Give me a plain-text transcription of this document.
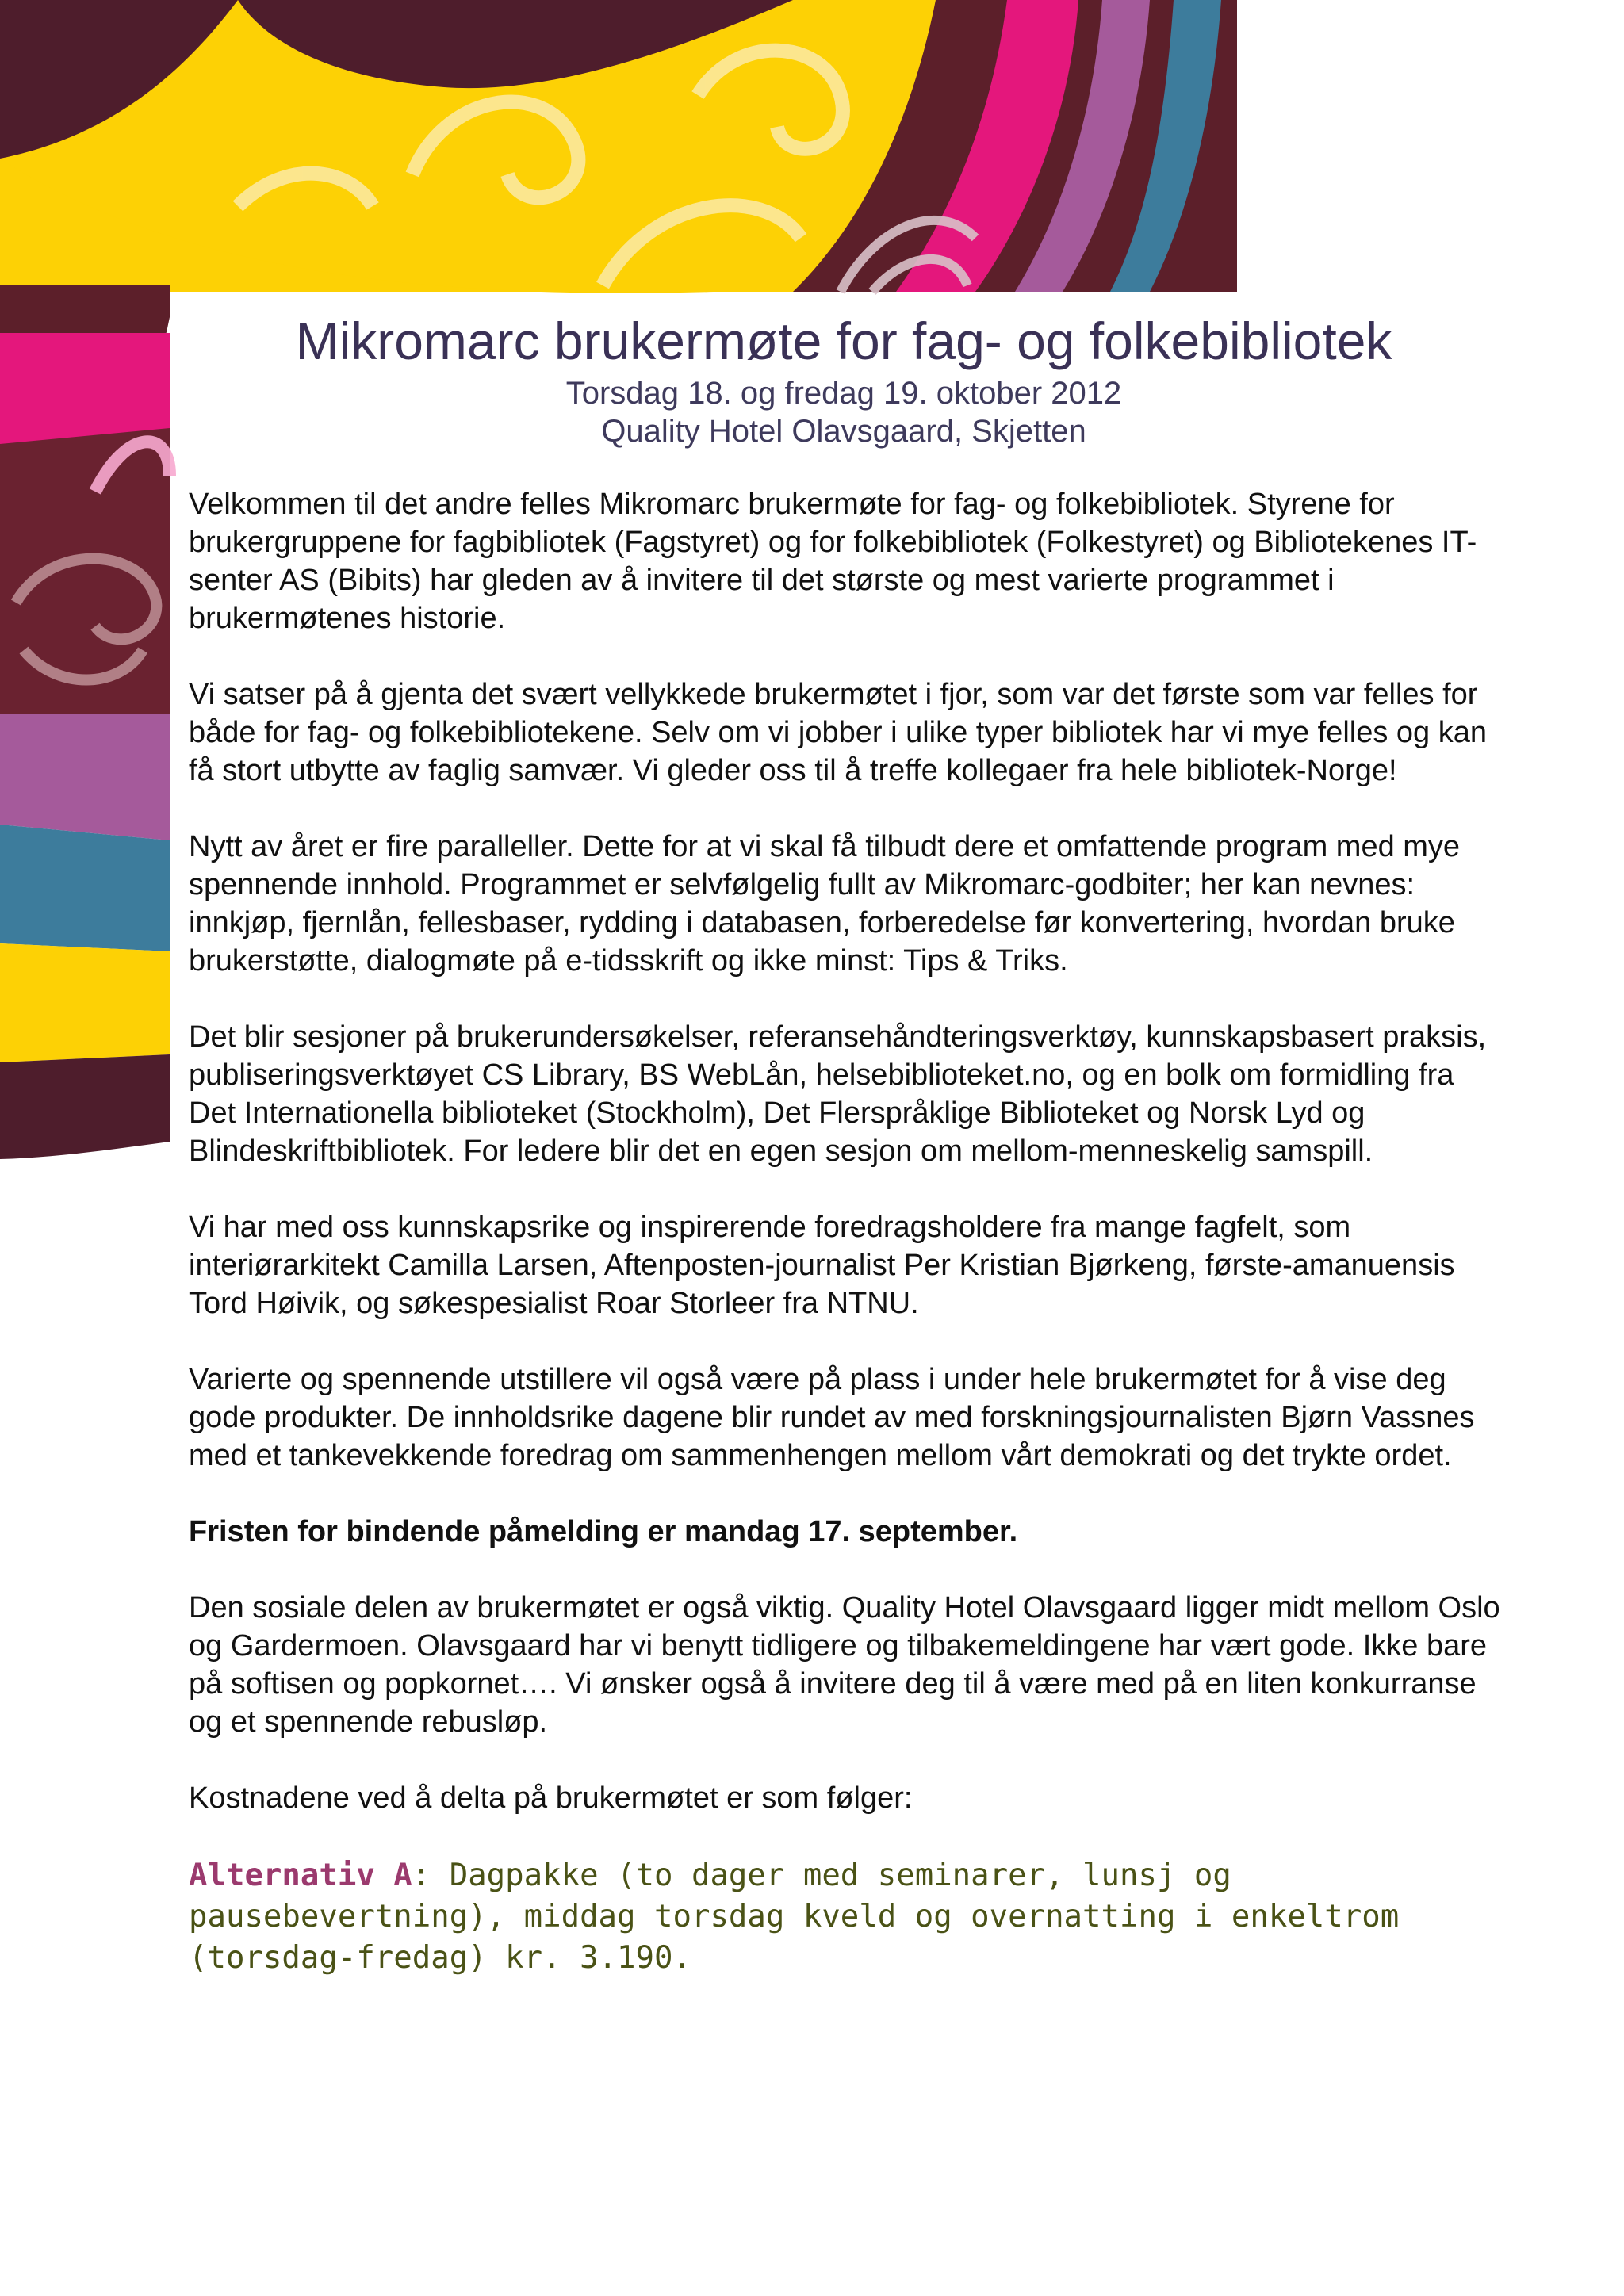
Mikromarc brukermøte for fag- og folkebibliotek
Torsdag 18. og fredag 19. oktober 2012
Quality Hotel Olavsgaard, Skjetten

Velkommen til det andre felles Mikromarc brukermøte for fag- og folkebibliotek. Styrene for brukergruppene for fagbibliotek (Fagstyret) og for folkebibliotek (Folkestyret) og Bibliotekenes IT-senter AS (Bibits) har gleden av å invitere til det største og mest varierte programmet i brukermøtenes historie.

Vi satser på å gjenta det svært vellykkede brukermøtet i fjor, som var det første som var felles for både for fag- og folkebibliotekene. Selv om vi jobber i ulike typer bibliotek har vi mye felles og kan få stort utbytte av faglig samvær. Vi gleder oss til å treffe kollegaer fra hele bibliotek-Norge!

Nytt av året er fire paralleller. Dette for at vi skal få tilbudt dere et omfattende program med mye spennende innhold. Programmet er selvfølgelig fullt av Mikromarc-godbiter; her kan nevnes: innkjøp, fjernlån, fellesbaser, rydding i databasen, forberedelse før konvertering, hvordan bruke brukerstøtte, dialogmøte på e-tidsskrift og ikke minst: Tips & Triks.

Det blir sesjoner på brukerundersøkelser, referansehåndteringsverktøy, kunnskapsbasert praksis, publiseringsverktøyet CS Library, BS WebLån, helsebiblioteket.no, og en bolk om formidling fra Det Internationella biblioteket (Stockholm), Det Flerspråklige Biblioteket og Norsk Lyd og Blindeskriftbibliotek. For ledere blir det en egen sesjon om mellom-menneskelig samspill.

Vi har med oss kunnskapsrike og inspirerende foredragsholdere fra mange fagfelt, som interiørarkitekt Camilla Larsen, Aftenposten-journalist Per Kristian Bjørkeng, første-amanuensis Tord Høivik, og søkespesialist Roar Storleer fra NTNU.

Varierte og spennende utstillere vil også være på plass i under hele brukermøtet for å vise deg gode produkter. De innholdsrike dagene blir rundet av med forskningsjournalisten Bjørn Vassnes med et tankevekkende foredrag om sammenhengen mellom vårt demokrati og det trykte ordet.

Fristen for bindende påmelding er mandag 17. september.

Den sosiale delen av brukermøtet er også viktig. Quality Hotel Olavsgaard ligger midt mellom Oslo og Gardermoen. Olavsgaard har vi benytt tidligere og tilbakemeldingene har vært gode. Ikke bare på softisen og popkornet…. Vi ønsker også å invitere deg til å være med på en liten konkurranse og et spennende rebusløp.

Kostnadene ved å delta på brukermøtet er som følger:

Alternativ A: Dagpakke (to dager med seminarer, lunsj og pausebevertning), middag torsdag kveld og overnatting i enkeltrom (torsdag-fredag) kr. 3.190.
